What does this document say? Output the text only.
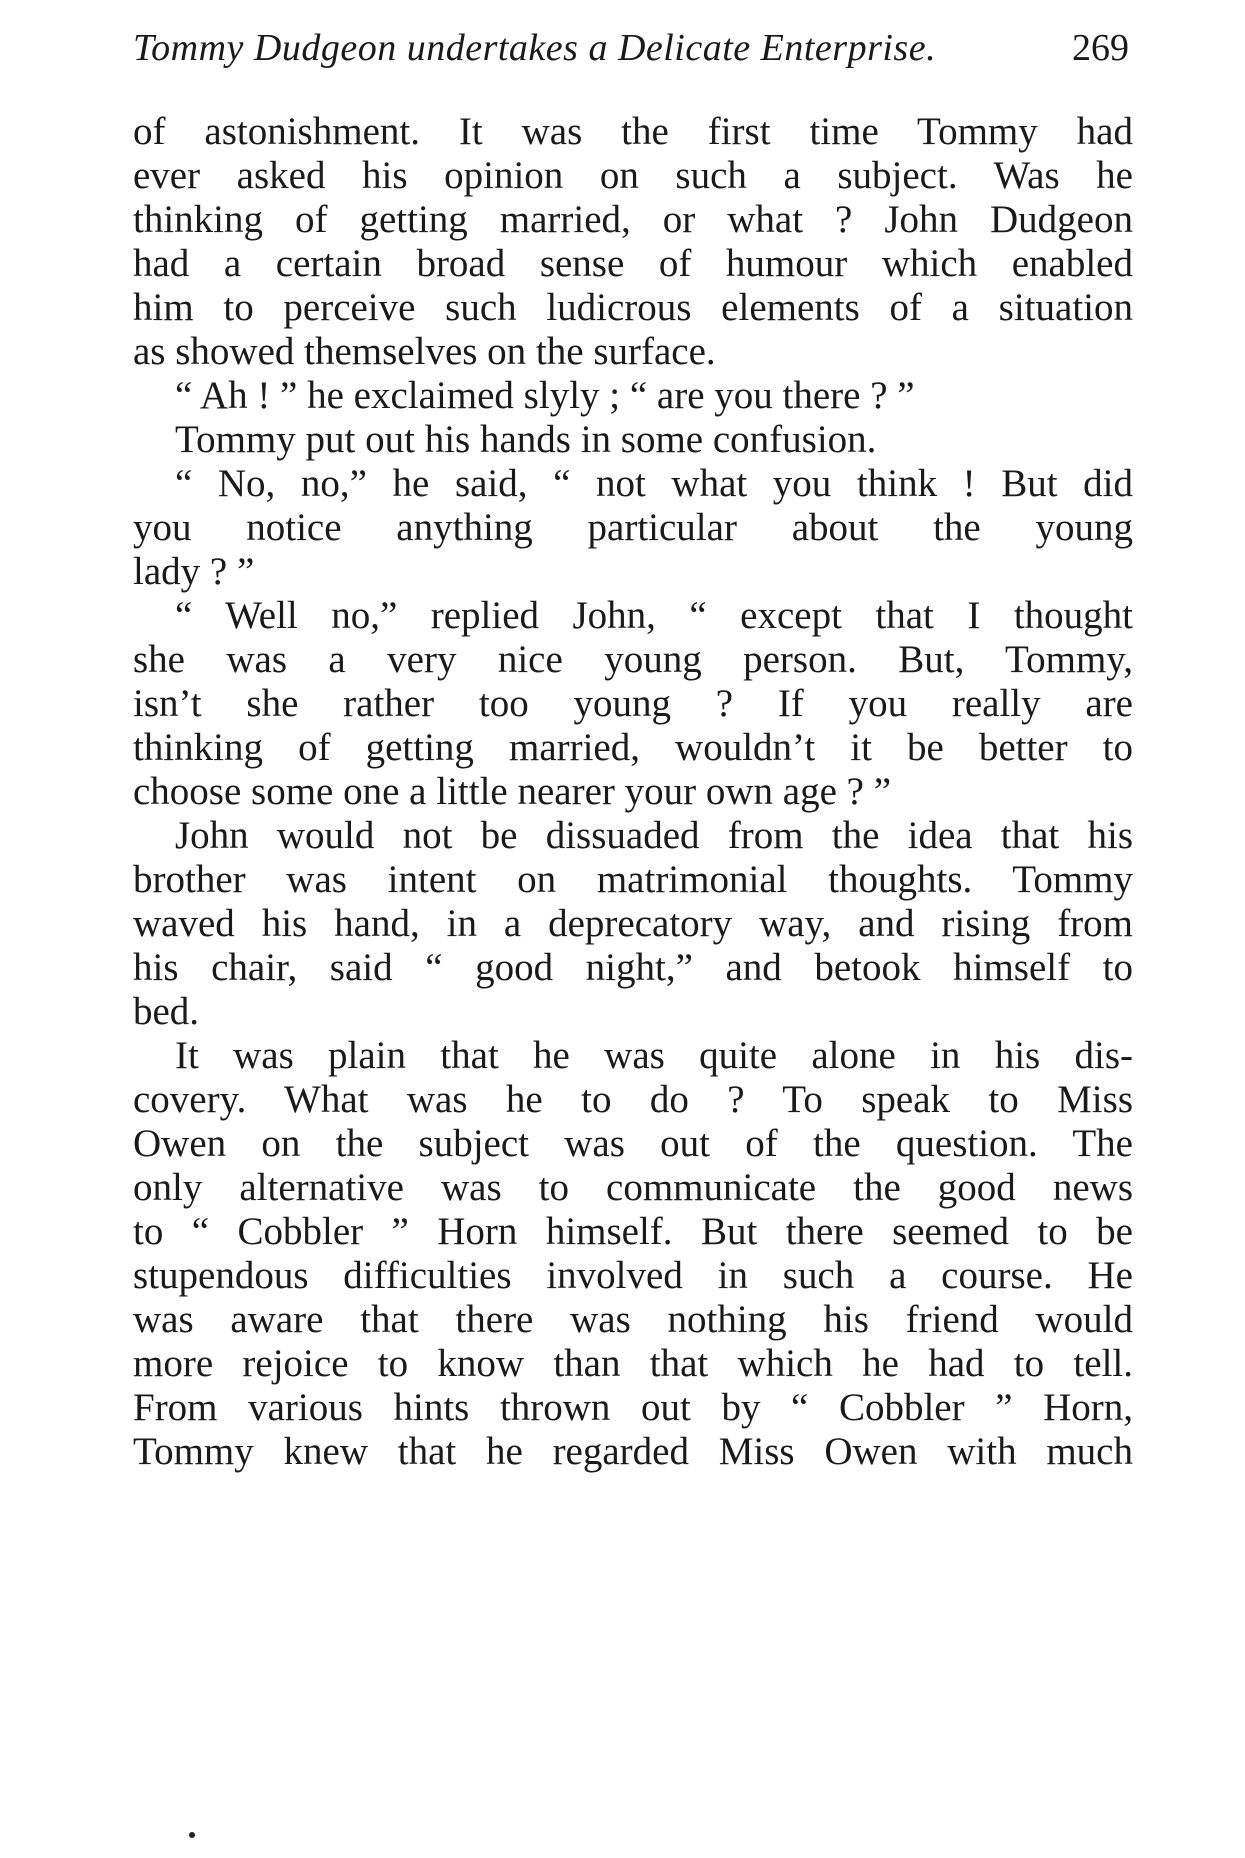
Tommy Dudgeon undertakes a Delicate Enterprise.	269
of astonishment. It was the first time Tommy had
ever asked his opinion on such a subject. Was he
thinking of getting married, or what ? John Dudgeon
had a certain broad sense of humour which enabled
him to perceive such ludicrous elements of a situation
as showed themselves on the surface.
“ Ah ! ” he exclaimed slyly ; “ are you there ? ”
Tommy put out his hands in some confusion.
“ No, no,” he said, “ not what you think ! But did
you notice anything particular about the young
lady ? ”
“ Well no,” replied John, “ except that I thought
she was a very nice young person. But, Tommy,
isn’t she rather too young ? If you really are
thinking of getting married, wouldn’t it be better to
choose some one a little nearer your own age ? ”
John would not be dissuaded from the idea that his
brother was intent on matrimonial thoughts. Tommy
waved his hand, in a deprecatory way, and rising from
his chair, said “ good night,” and betook himself to
bed.
It was plain that he was quite alone in his dis-
covery. What was he to do ? To speak to Miss
Owen on the subject was out of the question. The
only alternative was to communicate the good news
to “ Cobbler ” Horn himself. But there seemed to be
stupendous difficulties involved in such a course. He
was aware that there was nothing his friend would
more rejoice to know than that which he had to tell.
From various hints thrown out by “ Cobbler ” Horn,
Tommy knew that he regarded Miss Owen with much
